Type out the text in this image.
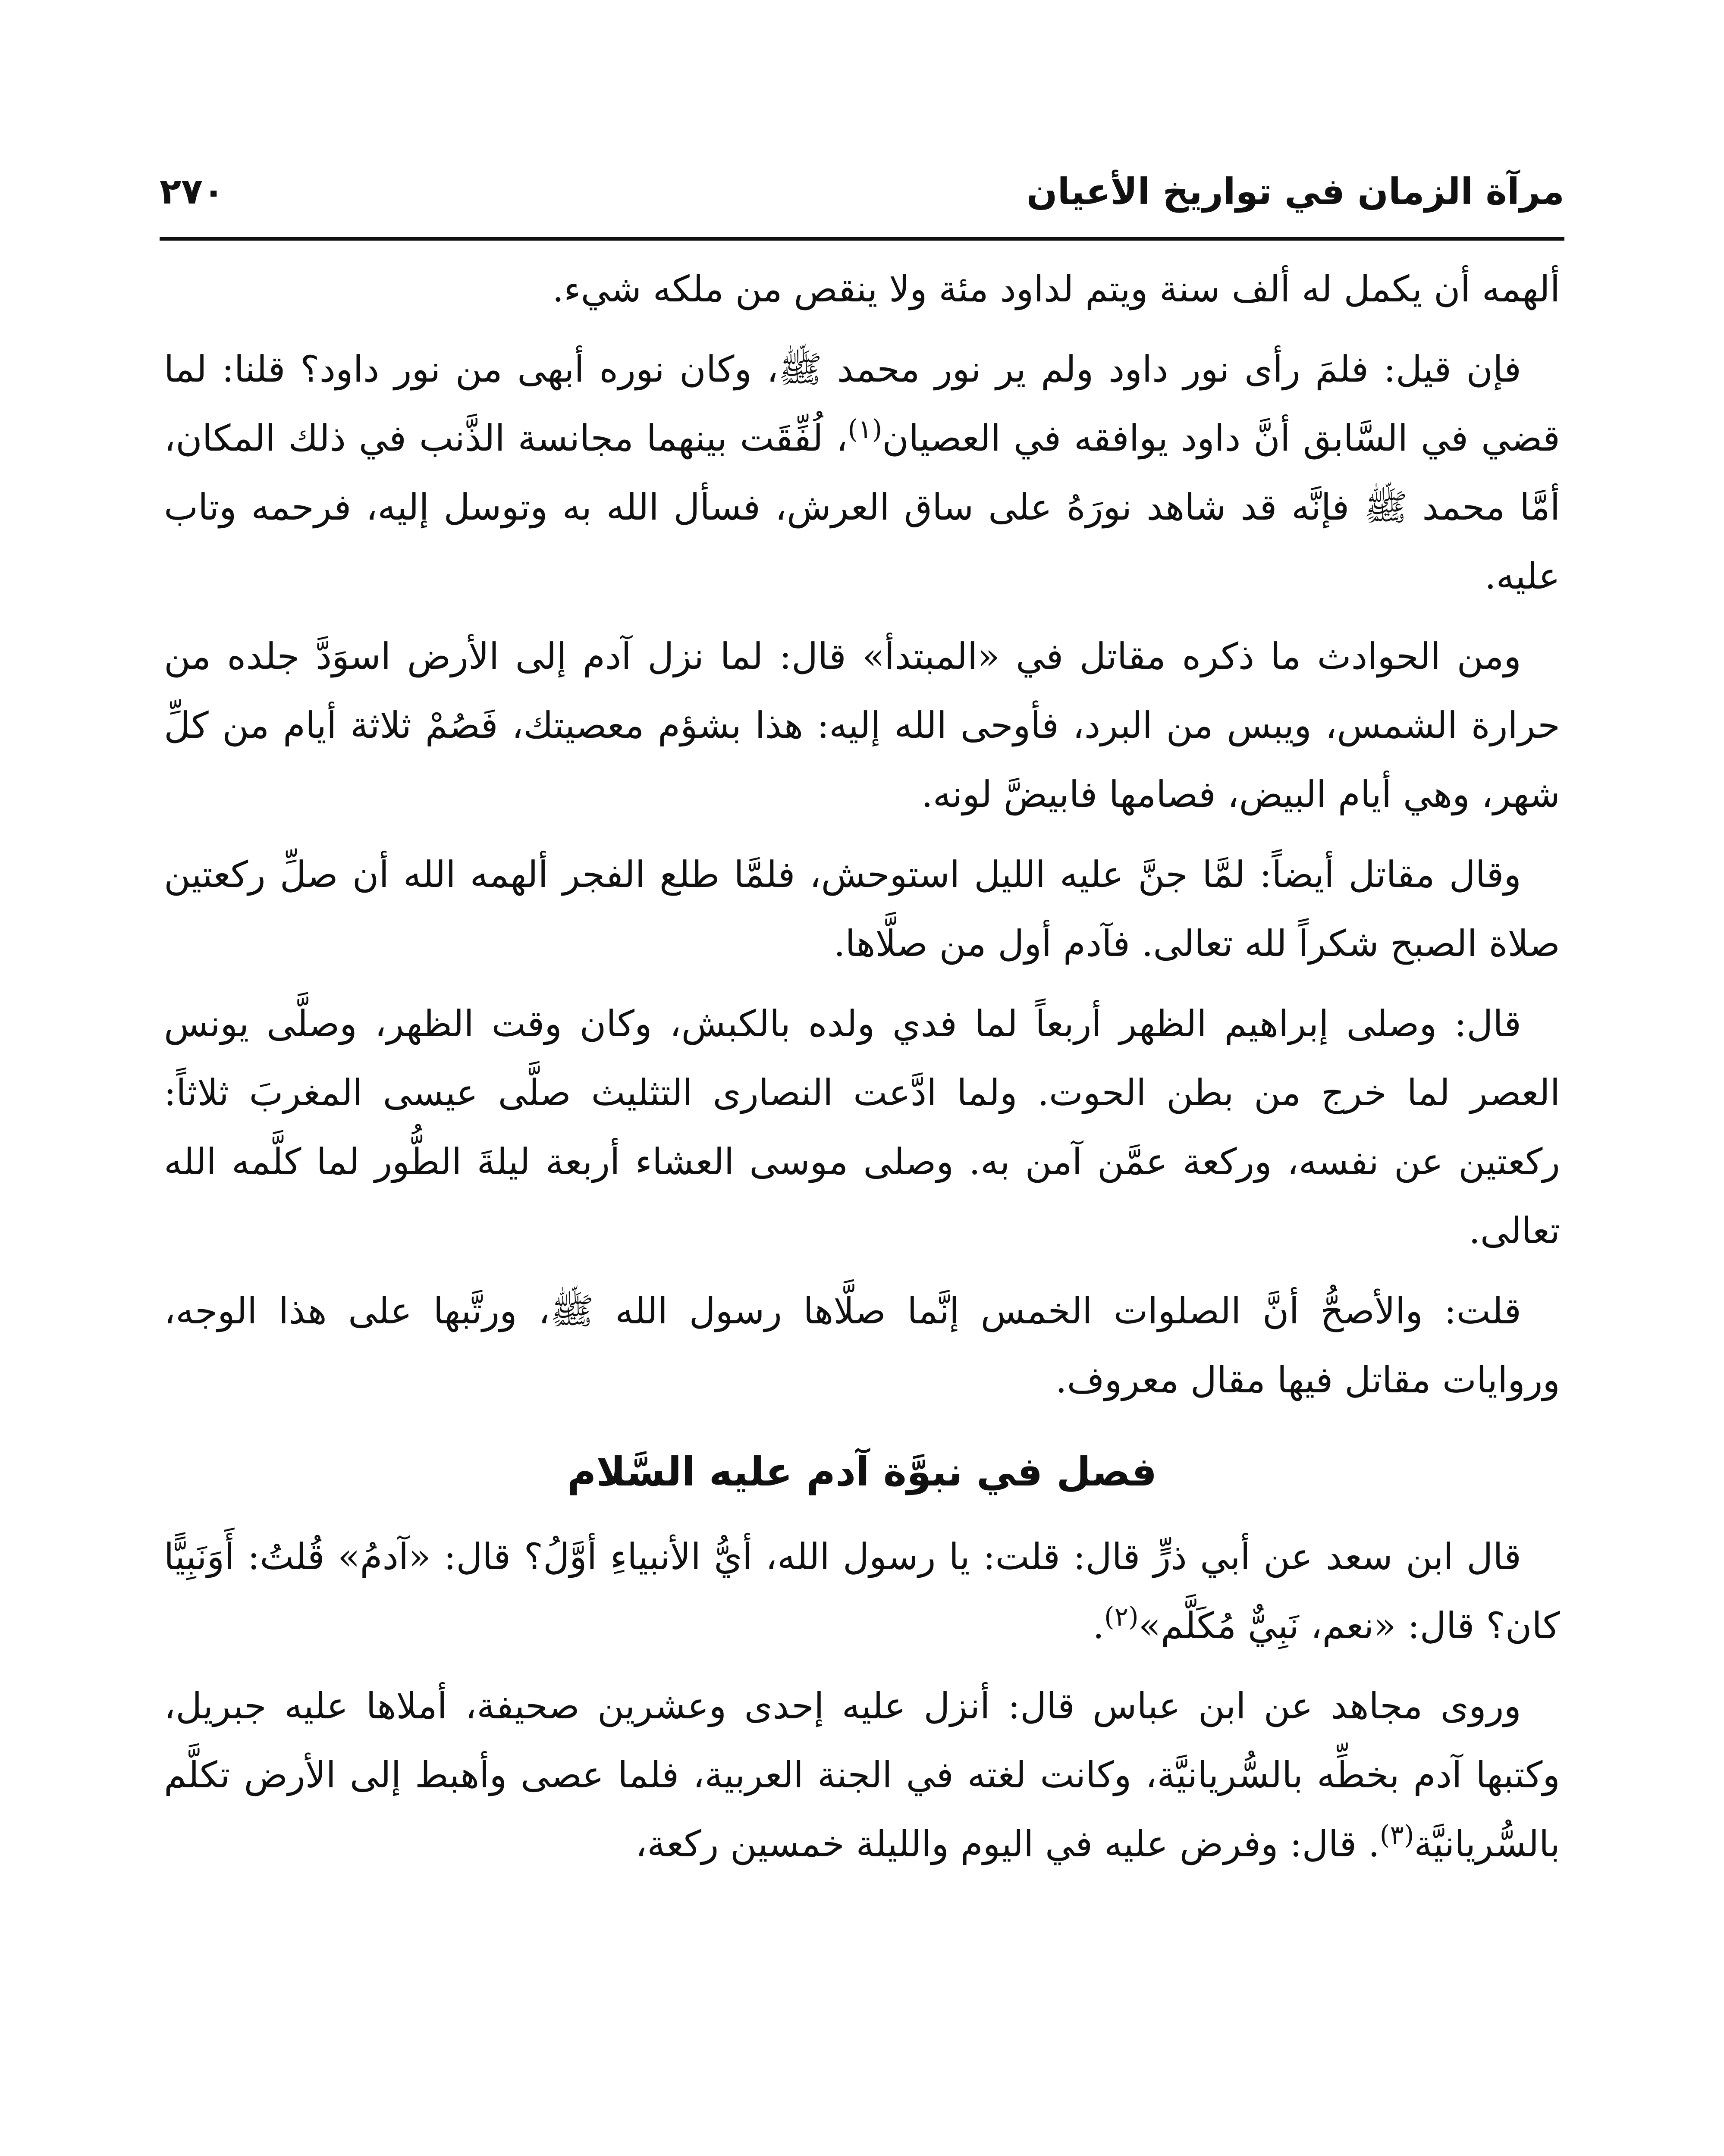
مرآة الزمان في تواريخ الأعيان
٢٧٠

ألهمه أن يكمل له ألف سنة ويتم لداود مئة ولا ينقص من ملكه شيء.

فإن قيل: فلمَ رأى نور داود ولم ير نور محمد ﷺ، وكان نوره أبهى من نور داود؟ قلنا: لما قضي في السَّابق أنَّ داود يوافقه في العصيان$^{(١)}$، لُفِّقَت بينهما مجانسة الذَّنب في ذلك المكان، أمَّا محمد ﷺ فإنَّه قد شاهد نورَهُ على ساق العرش، فسأل الله به وتوسل إليه، فرحمه وتاب عليه.

ومن الحوادث ما ذكره مقاتل في «المبتدأ» قال: لما نزل آدم إلى الأرض اسوَدَّ جلده من حرارة الشمس، ويبس من البرد، فأوحى الله إليه: هذا بشؤم معصيتك، فَصُمْ ثلاثة أيام من كلِّ شهر، وهي أيام البيض، فصامها فابيضَّ لونه.

وقال مقاتل أيضاً: لمَّا جنَّ عليه الليل استوحش، فلمَّا طلع الفجر ألهمه الله أن صلِّ ركعتين صلاة الصبح شكراً لله تعالى. فآدم أول من صلَّاها.

قال: وصلى إبراهيم الظهر أربعاً لما فدي ولده بالكبش، وكان وقت الظهر، وصلَّى يونس العصر لما خرج من بطن الحوت. ولما ادَّعت النصارى التثليث صلَّى عيسى المغربَ ثلاثاً: ركعتين عن نفسه، وركعة عمَّن آمن به. وصلى موسى العشاء أربعة ليلةَ الطُّور لما كلَّمه الله تعالى.

قلت: والأصحُّ أنَّ الصلوات الخمس إنَّما صلَّاها رسول الله ﷺ، ورتَّبها على هذا الوجه، وروايات مقاتل فيها مقال معروف.

فصل في نبوَّة آدم عليه السَّلام

قال ابن سعد عن أبي ذرٍّ قال: قلت: يا رسول الله، أيُّ الأنبياءِ أوَّلُ؟ قال: «آدمُ» قُلتُ: أَوَنَبِيًّا كان؟ قال: «نعم، نَبِيٌّ مُكَلَّم»$^{(٢)}$.

وروى مجاهد عن ابن عباس قال: أنزل عليه إحدى وعشرين صحيفة، أملاها عليه جبريل، وكتبها آدم بخطِّه بالسُّريانيَّة، وكانت لغته في الجنة العربية، فلما عصى وأهبط إلى الأرض تكلَّم بالسُّريانيَّة$^{(٣)}$. قال: وفرض عليه في اليوم والليلة خمسين ركعة،
